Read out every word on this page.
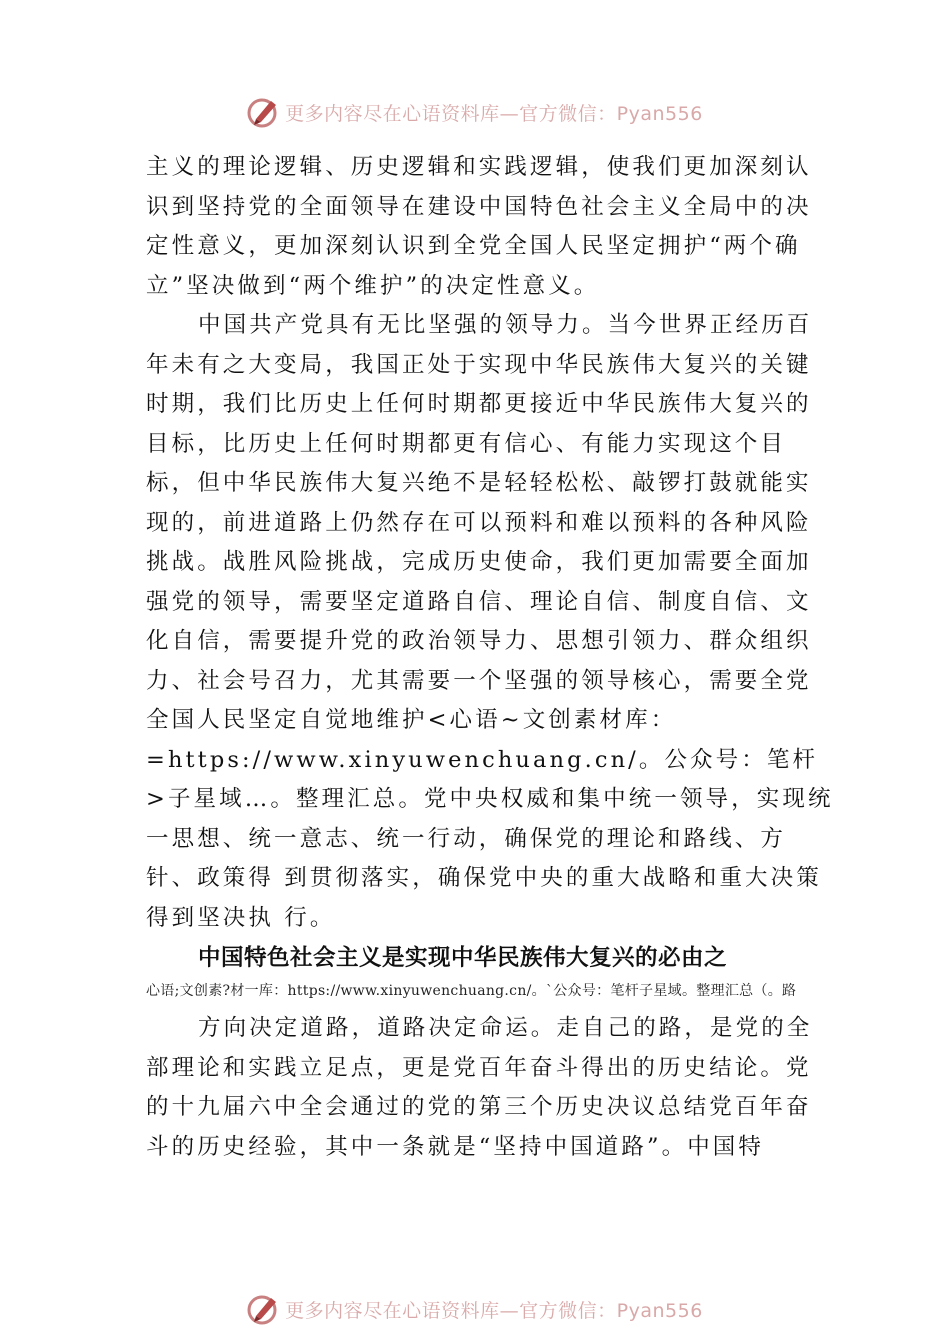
更多内容尽在心语资料库—官方微信：Pyan556

主义的理论逻辑、历史逻辑和实践逻辑，使我们更加深刻认识到坚持党的全面领导在建设中国特色社会主义全局中的决定性意义，更加深刻认识到全党全国人民坚定拥护“两个确立”坚决做到“两个维护”的决定性意义。

中国共产党具有无比坚强的领导力。当今世界正经历百年未有之大变局，我国正处于实现中华民族伟大复兴的关键时期，我们比历史上任何时期都更接近中华民族伟大复兴的目标，比历史上任何时期都更有信心、有能力实现这个目标，但中华民族伟大复兴绝不是轻轻松松、敲锣打鼓就能实现的，前进道路上仍然存在可以预料和难以预料的各种风险挑战。战胜风险挑战，完成历史使命，我们更加需要全面加强党的领导，需要坚定道路自信、理论自信、制度自信、文化自信，需要提升党的政治领导力、思想引领力、群众组织力、社会号召力，尤其需要一个坚强的领导核心，需要全党全国人民坚定自觉地维护<心语~文创素材库：=https://www.xinyuwenchuang.cn/。公众号：笔杆>子星域…。整理汇总。党中央权威和集中统一领导，实现统一思想、统一意志、统一行动，确保党的理论和路线、方针、政策得 到贯彻落实，确保党中央的重大战略和重大决策得到坚决执 行。

中国特色社会主义是实现中华民族伟大复兴的必由之

心语;文创素?材一库：https://www.xinyuwenchuang.cn/。`公众号：笔杆子星域。整理汇总（。路

方向决定道路，道路决定命运。走自己的路，是党的全部理论和实践立足点，更是党百年奋斗得出的历史结论。党的十九届六中全会通过的党的第三个历史决议总结党百年奋斗的历史经验，其中一条就是“坚持中国道路”。中国特

更多内容尽在心语资料库—官方微信：Pyan556
